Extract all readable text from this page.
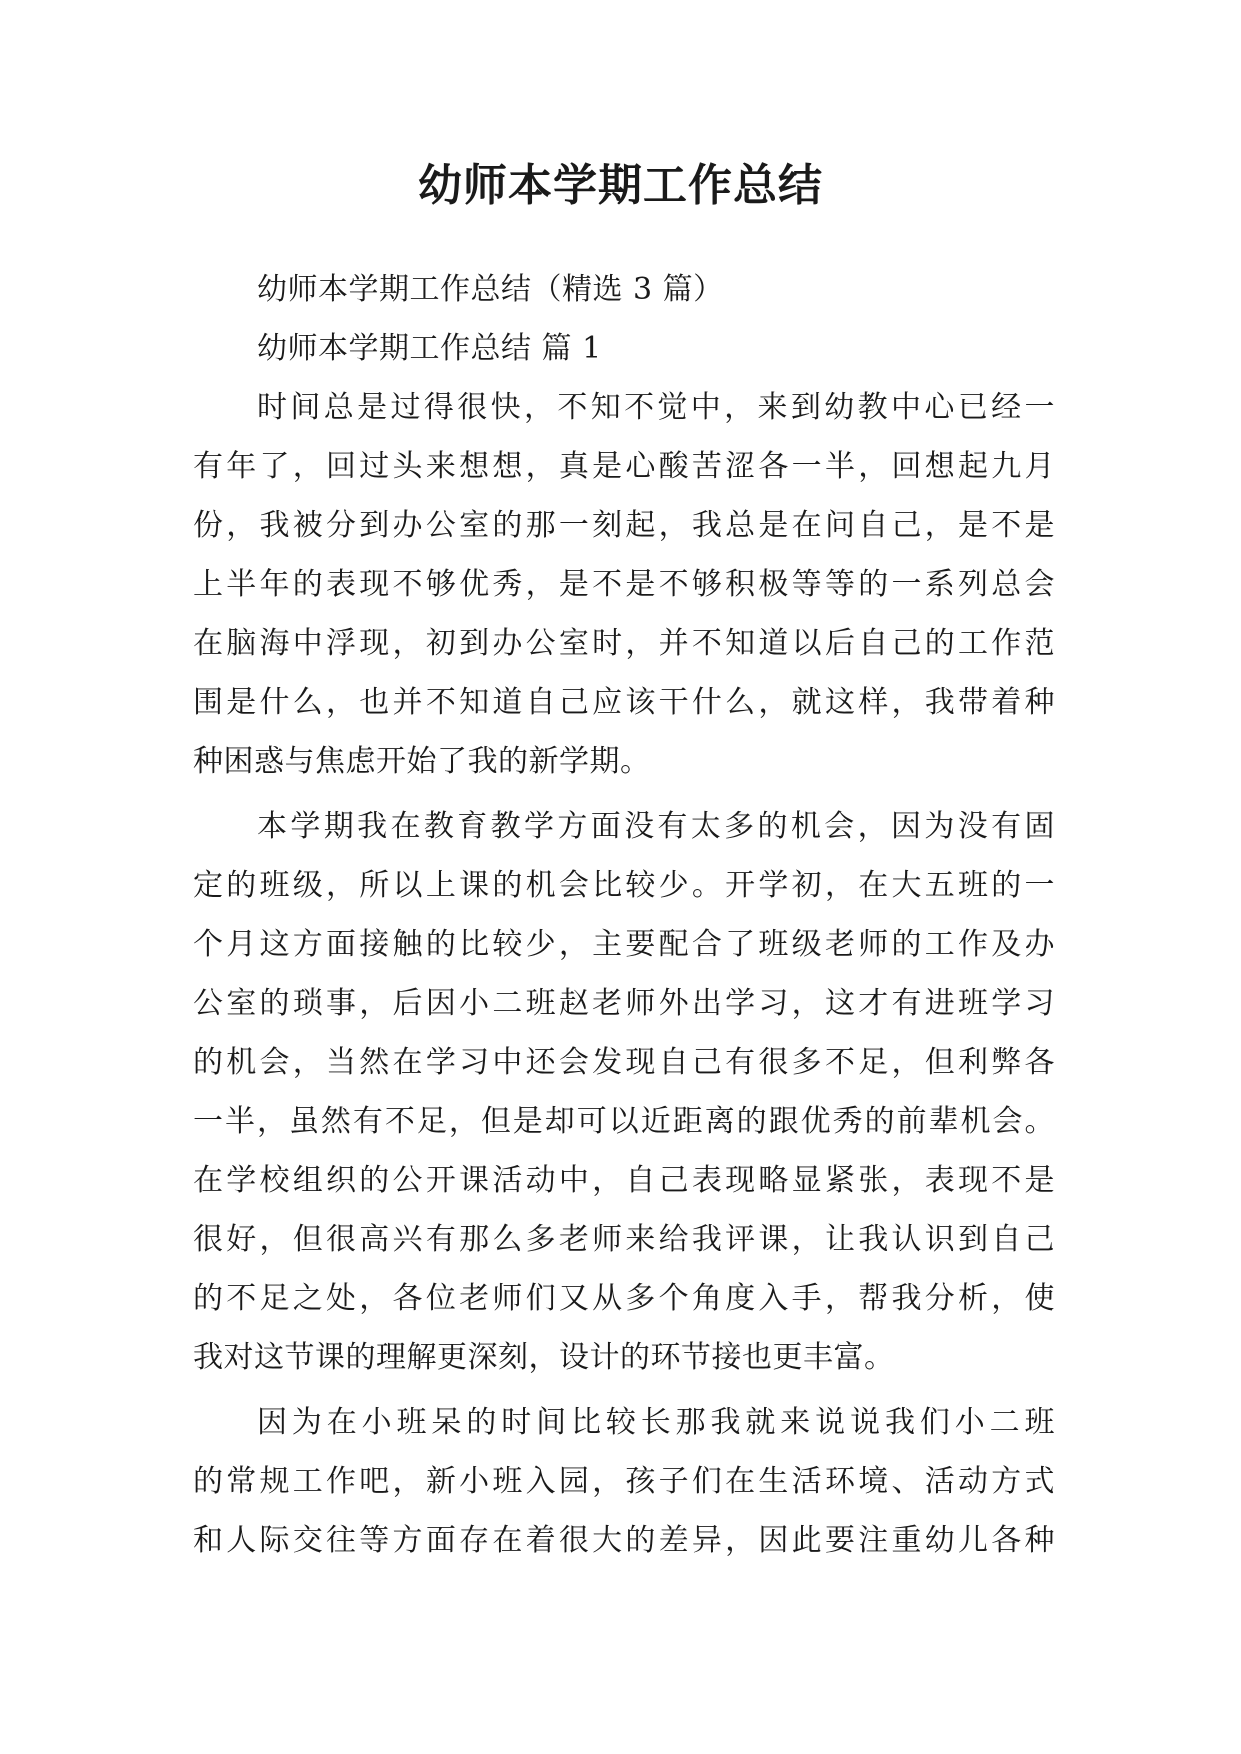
幼师本学期工作总结
幼师本学期工作总结（精选 3 篇）
幼师本学期工作总结 篇 1
时间总是过得很快，不知不觉中，来到幼教中心已经一
有年了，回过头来想想，真是心酸苦涩各一半，回想起九月
份，我被分到办公室的那一刻起，我总是在问自己，是不是
上半年的表现不够优秀，是不是不够积极等等的一系列总会
在脑海中浮现，初到办公室时，并不知道以后自己的工作范
围是什么，也并不知道自己应该干什么，就这样，我带着种
种困惑与焦虑开始了我的新学期。
本学期我在教育教学方面没有太多的机会，因为没有固
定的班级，所以上课的机会比较少。开学初，在大五班的一
个月这方面接触的比较少，主要配合了班级老师的工作及办
公室的琐事，后因小二班赵老师外出学习，这才有进班学习
的机会，当然在学习中还会发现自己有很多不足，但利弊各
一半，虽然有不足，但是却可以近距离的跟优秀的前辈机会。
在学校组织的公开课活动中，自己表现略显紧张，表现不是
很好，但很高兴有那么多老师来给我评课，让我认识到自己
的不足之处，各位老师们又从多个角度入手，帮我分析，使
我对这节课的理解更深刻，设计的环节接也更丰富。
因为在小班呆的时间比较长那我就来说说我们小二班
的常规工作吧，新小班入园，孩子们在生活环境、活动方式
和人际交往等方面存在着很大的差异，因此要注重幼儿各种
